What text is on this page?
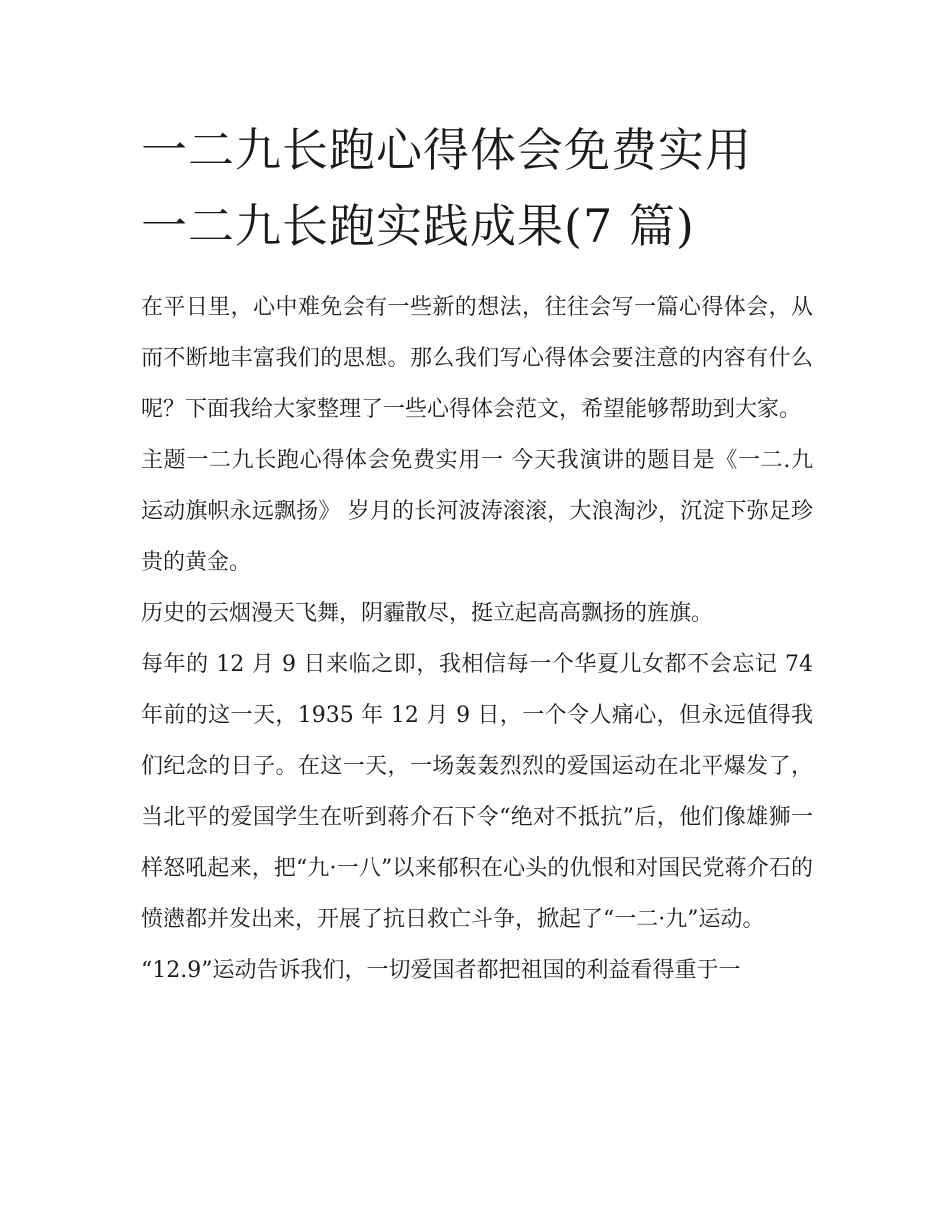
一二九长跑心得体会免费实用
一二九长跑实践成果(7 篇)

在平日里，心中难免会有一些新的想法，往往会写一篇心得体会，从而不断地丰富我们的思想。那么我们写心得体会要注意的内容有什么呢？下面我给大家整理了一些心得体会范文，希望能够帮助到大家。

主题一二九长跑心得体会免费实用一 今天我演讲的题目是《一二.九运动旗帜永远飘扬》 岁月的长河波涛滚滚，大浪淘沙，沉淀下弥足珍贵的黄金。

历史的云烟漫天飞舞，阴霾散尽，挺立起高高飘扬的旌旗。

每年的 12 月 9 日来临之即，我相信每一个华夏儿女都不会忘记 74 年前的这一天，1935 年 12 月 9 日，一个令人痛心，但永远值得我们纪念的日子。在这一天，一场轰轰烈烈的爱国运动在北平爆发了，当北平的爱国学生在听到蒋介石下令“绝对不抵抗”后，他们像雄狮一样怒吼起来，把“九·一八”以来郁积在心头的仇恨和对国民党蒋介石的愤懑都并发出来，开展了抗日救亡斗争，掀起了“一二·九”运动。

“12.9”运动告诉我们，一切爱国者都把祖国的利益看得重于一
